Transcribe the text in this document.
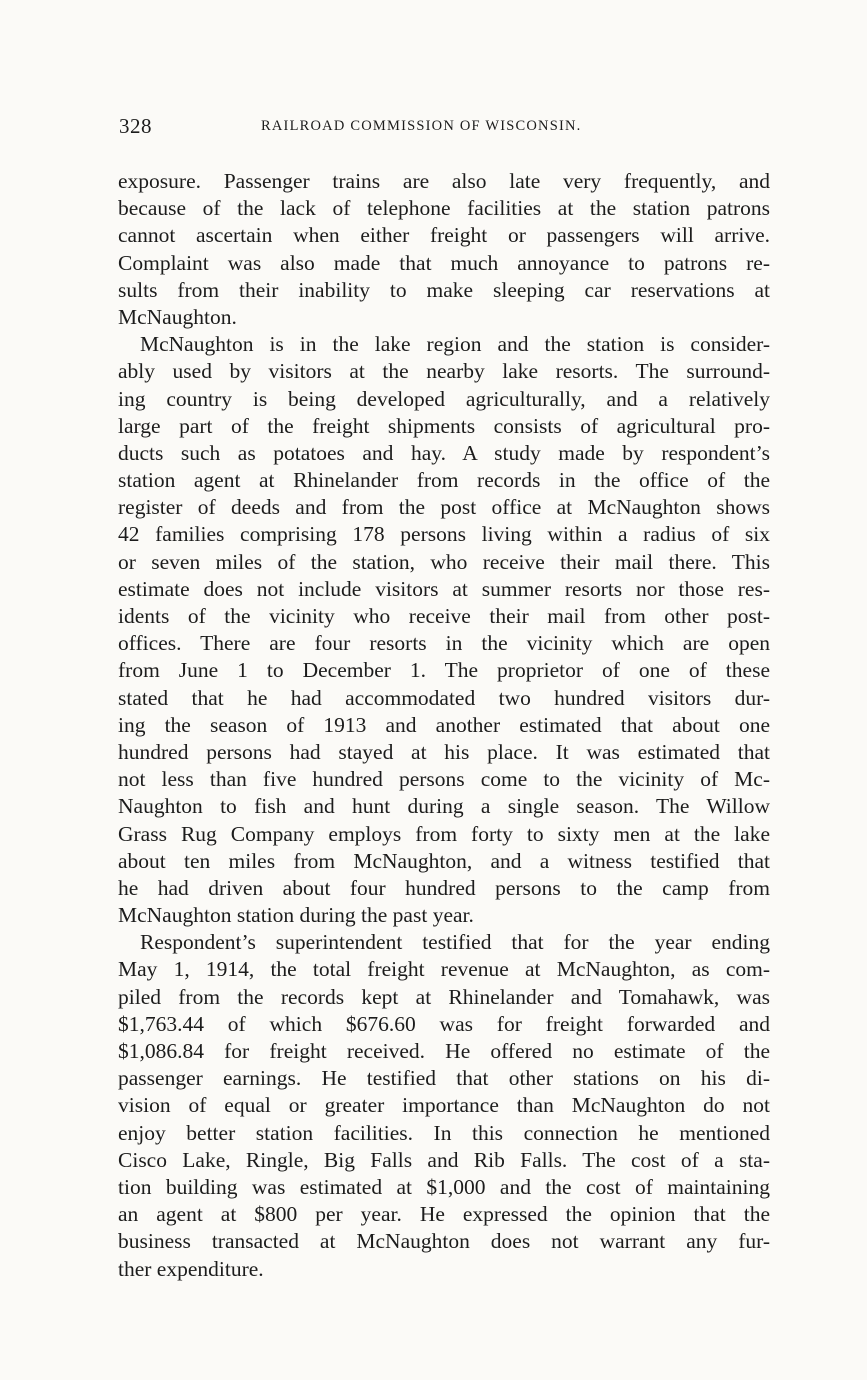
328	RAILROAD COMMISSION OF WISCONSIN.
exposure. Passenger trains are also late very frequently, and
because of the lack of telephone facilities at the station patrons
cannot ascertain when either freight or passengers will arrive.
Complaint was also made that much annoyance to patrons re-
sults from their inability to make sleeping car reservations at
McNaughton.
McNaughton is in the lake region and the station is consider-
ably used by visitors at the nearby lake resorts. The surround-
ing country is being developed agriculturally, and a relatively
large part of the freight shipments consists of agricultural pro-
ducts such as potatoes and hay. A study made by respondent’s
station agent at Rhinelander from records in the office of the
register of deeds and from the post office at McNaughton shows
42 families comprising 178 persons living within a radius of six
or seven miles of the station, who receive their mail there. This
estimate does not include visitors at summer resorts nor those res-
idents of the vicinity who receive their mail from other post-
offices. There are four resorts in the vicinity which are open
from June 1 to December 1. The proprietor of one of these
stated that he had accommodated two hundred visitors dur-
ing the season of 1913 and another estimated that about one
hundred persons had stayed at his place. It was estimated that
not less than five hundred persons come to the vicinity of Mc-
Naughton to fish and hunt during a single season. The Willow
Grass Rug Company employs from forty to sixty men at the lake
about ten miles from McNaughton, and a witness testified that
he had driven about four hundred persons to the camp from
McNaughton station during the past year.
Respondent’s superintendent testified that for the year ending
May 1, 1914, the total freight revenue at McNaughton, as com-
piled from the records kept at Rhinelander and Tomahawk, was
$1,763.44 of which $676.60 was for freight forwarded and
$1,086.84 for freight received. He offered no estimate of the
passenger earnings. He testified that other stations on his di-
vision of equal or greater importance than McNaughton do not
enjoy better station facilities. In this connection he mentioned
Cisco Lake, Ringle, Big Falls and Rib Falls. The cost of a sta-
tion building was estimated at $1,000 and the cost of maintaining
an agent at $800 per year. He expressed the opinion that the
business transacted at McNaughton does not warrant any fur-
ther expenditure.
